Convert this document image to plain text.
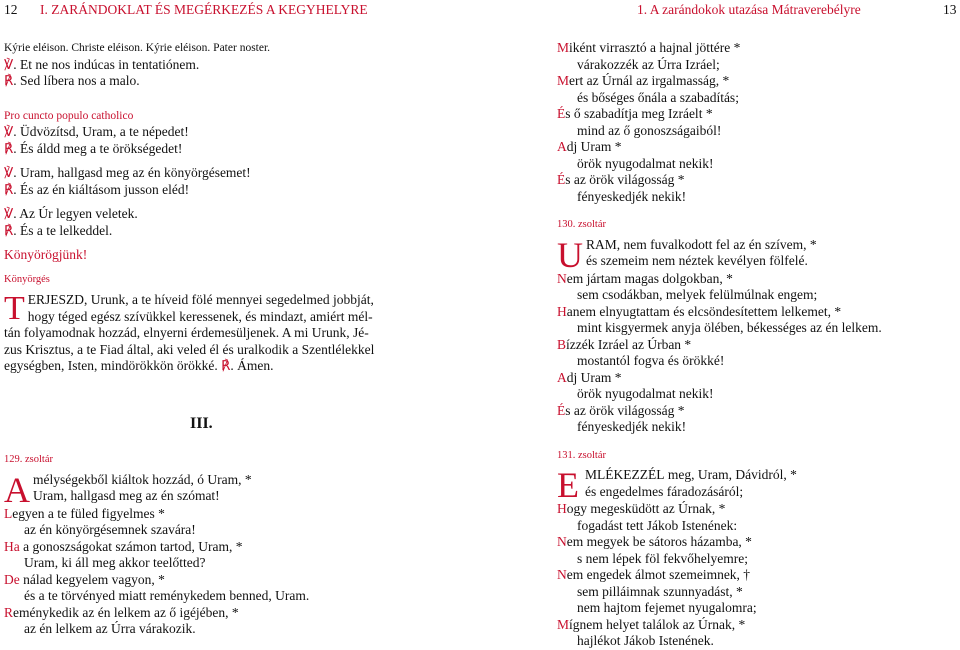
12 I. ZARÁNDOKLAT ÉS MEGÉRKEZÉS A KEGYHELYRE
Kýrie eléison. Christe eléison. Kýrie eléison. Pater noster.
℣. Et ne nos indúcas in tentatiónem.
℟. Sed líbera nos a malo.
Pro cuncto populo catholico
℣. Üdvözítsd, Uram, a te népedet!
℟. És áldd meg a te örökségedet!
℣. Uram, hallgasd meg az én könyörgésemet!
℟. És az én kiáltásom jusson eléd!
℣. Az Úr legyen veletek.
℟. És a te lelkeddel.
Könyörögjünk!
Könyörgés
T ERJESZD, Urunk, a te híveid fölé mennyei segedelmed jobbját,
hogy téged egész szívükkel keressenek, és mindazt, amiért mél-
tán folyamodnak hozzád, elnyerni érdemesüljenek. A mi Urunk, Jé-
zus Krisztus, a te Fiad által, aki veled él és uralkodik a Szentlélekkel
egységben, Isten, mindörökkön örökké. ℟. Ámen.
III.
129. zsoltár
A mélységekből kiáltok hozzád, ó Uram, *
Uram, hallgasd meg az én szómat!
Legyen a te füled figyelmes *
az én könyörgésemnek szavára!
Ha a gonoszságokat számon tartod, Uram, *
Uram, ki áll meg akkor teelőtted?
De nálad kegyelem vagyon, *
és a te törvényed miatt reménykedem benned, Uram.
Reménykedik az én lelkem az ő igéjében, *
az én lelkem az Úrra várakozik.
1. A zarándokok utazása Mátraverebélyre	13
Miként virrasztó a hajnal jöttére *
várakozzék az Úrra Izráel;
Mert az Úrnál az irgalmasság, *
és bőséges őnála a szabadítás;
És ő szabadítja meg Izráelt *
mind az ő gonoszságaiból!
Adj Uram *
örök nyugodalmat nekik!
És az örök világosság *
fényeskedjék nekik!
130. zsoltár
U RAM, nem fuvalkodott fel az én szívem, *
és szemeim nem néztek kevélyen fölfelé.
Nem jártam magas dolgokban, *
sem csodákban, melyek felülmúlnak engem;
Hanem elnyugtattam és elcsöndesítettem lelkemet, *
mint kisgyermek anyja ölében, békességes az én lelkem.
Bízzék Izráel az Úrban *
mostantól fogva és örökké!
Adj Uram *
örök nyugodalmat nekik!
És az örök világosság *
fényeskedjék nekik!
131. zsoltár
E MLÉKEZZÉL meg, Uram, Dávidról, *
és engedelmes fáradozásáról;
Hogy megesküdött az Úrnak, *
fogadást tett Jákob Istenének:
Nem megyek be sátoros házamba, *
s nem lépek föl fekvőhelyemre;
Nem engedek álmot szemeimnek, †
sem pilláimnak szunnyadást, *
nem hajtom fejemet nyugalomra;
Mígnem helyet találok az Úrnak, *
hajlékot Jákob Istenének.
